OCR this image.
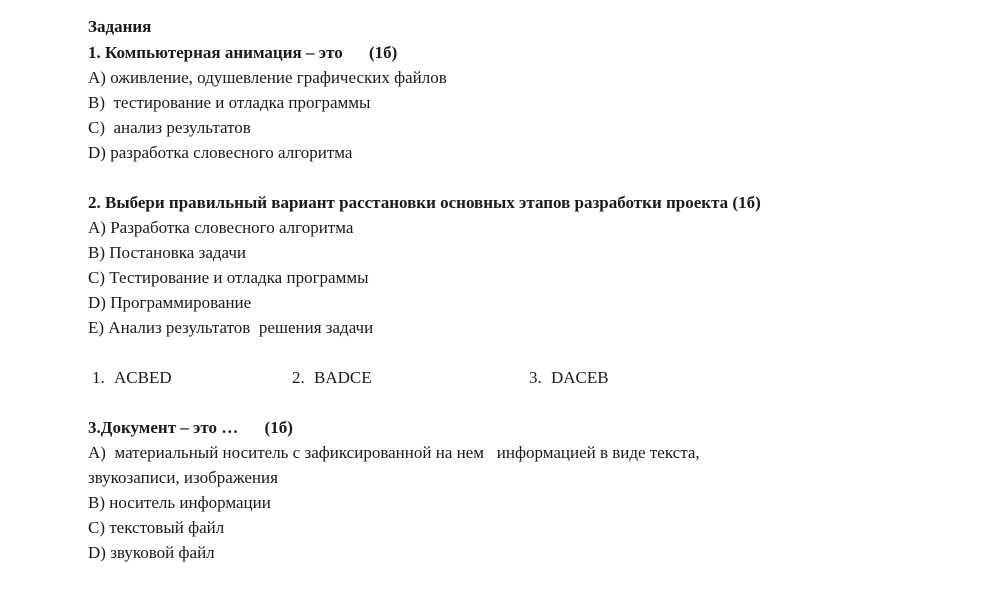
Задания
1. Компьютерная анимация – это (1б)
А) оживление, одушевление графических файлов
В)  тестирование и отладка программы
С)  анализ результатов
D) разработка словесного алгоритма
2. Выбери правильный вариант расстановки основных этапов разработки проекта (1б)
А) Разработка словесного алгоритма
В) Постановка задачи
С) Тестирование и отладка программы
D) Программирование
Е) Анализ результатов  решения задачи
1. ACBED	2. BADCE	3. DACEB
3.Документ – это … (1б)
А)  материальный носитель с зафиксированной на нем   информацией в виде текста,
звукозаписи, изображения
В) носитель информации
С) текстовый файл
D) звуковой файл
